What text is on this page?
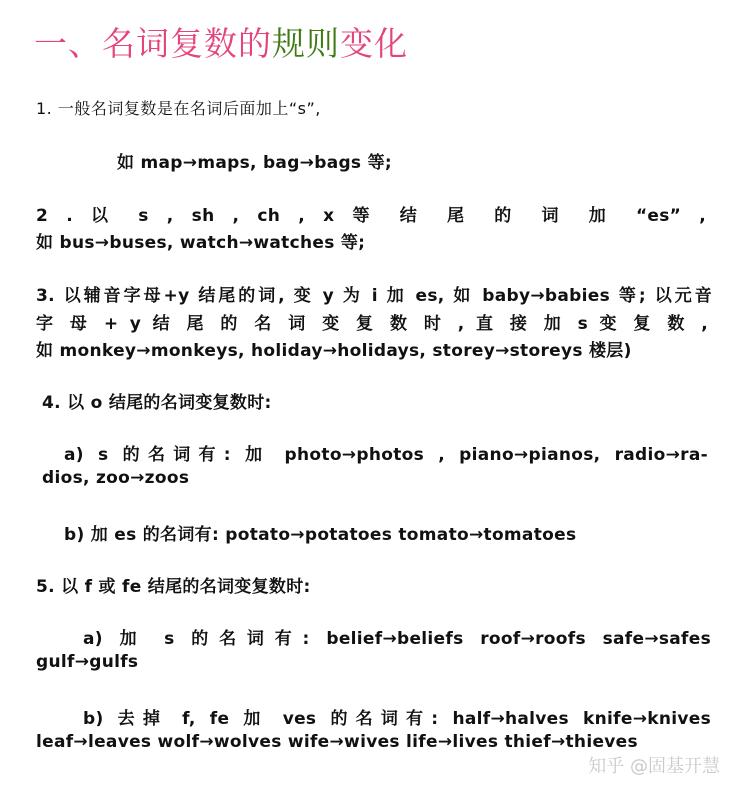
一、名词复数的规则变化
1. 一般名词复数是在名词后面加上“s”,
如 map→maps, bag→bags 等;
2 . 以 s , sh , ch , x 等 结 尾 的 词 加 “es” ,
如 bus→buses, watch→watches 等;
3. 以辅音字母+y 结尾的词, 变 y 为 i 加 es, 如 baby→babies 等; 以元音
字 母 + y 结 尾 的 名 词 变 复 数 时 , 直 接 加 s 变 复 数 ,
如 monkey→monkeys, holiday→holidays, storey→storeys 楼层)
4. 以 o 结尾的名词变复数时:
a) s 的名词有: 加 photo→photos , piano→pianos, radio→ra-
dios, zoo→zoos
b) 加 es 的名词有: potato→potatoes tomato→tomatoes
5. 以 f 或 fe 结尾的名词变复数时:
a) 加 s 的名词有: belief→beliefs roof→roofs safe→safes
gulf→gulfs
b) 去掉 f, fe 加 ves 的名词有: half→halves knife→knives
leaf→leaves wolf→wolves wife→wives life→lives thief→thieves
知乎 @固基开慧
